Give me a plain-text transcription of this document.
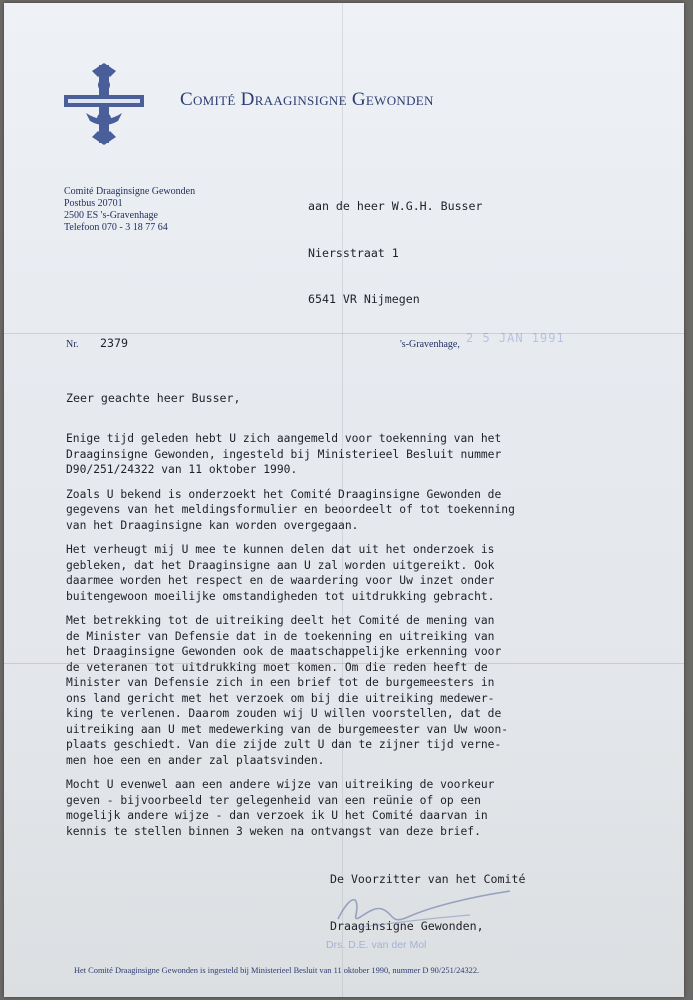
Comité Draaginsigne Gewonden
Comité Draaginsigne Gewonden
Postbus 20701
2500 ES 's-Gravenhage
Telefoon 070 - 3 18 77 64

aan de heer W.G.H. Busser

Niersstraat 1

6541 VR Nijmegen

Nr. 2379	's-Gravenhage, 2 5 JAN 1991
Zeer geachte heer Busser,

Enige tijd geleden hebt U zich aangemeld voor toekenning van het
Draaginsigne Gewonden, ingesteld bij Ministerieel Besluit nummer
D90/251/24322 van 11 oktober 1990.

Zoals U bekend is onderzoekt het Comité Draaginsigne Gewonden de
gegevens van het meldingsformulier en beoordeelt of tot toekenning
van het Draaginsigne kan worden overgegaan.

Het verheugt mij U mee te kunnen delen dat uit het onderzoek is
gebleken, dat het Draaginsigne aan U zal worden uitgereikt. Ook
daarmee worden het respect en de waardering voor Uw inzet onder
buitengewoon moeilijke omstandigheden tot uitdrukking gebracht.

Met betrekking tot de uitreiking deelt het Comité de mening van
de Minister van Defensie dat in de toekenning en uitreiking van
het Draaginsigne Gewonden ook de maatschappelijke erkenning voor
de veteranen tot uitdrukking moet komen. Om die reden heeft de
Minister van Defensie zich in een brief tot de burgemeesters in
ons land gericht met het verzoek om bij die uitreiking medewer-
king te verlenen. Daarom zouden wij U willen voorstellen, dat de
uitreiking aan U met medewerking van de burgemeester van Uw woon-
plaats geschiedt. Van die zijde zult U dan te zijner tijd verne-
men hoe een en ander zal plaatsvinden.

Mocht U evenwel aan een andere wijze van uitreiking de voorkeur
geven - bijvoorbeeld ter gelegenheid van een reünie of op een
mogelijk andere wijze - dan verzoek ik U het Comité daarvan in
kennis te stellen binnen 3 weken na ontvangst van deze brief.

De Voorzitter van het Comité

Draaginsigne Gewonden,

Drs. D.E. van der Mol
Het Comité Draaginsigne Gewonden is ingesteld bij Ministerieel Besluit van 11 oktober 1990, nummer D 90/251/24322.
